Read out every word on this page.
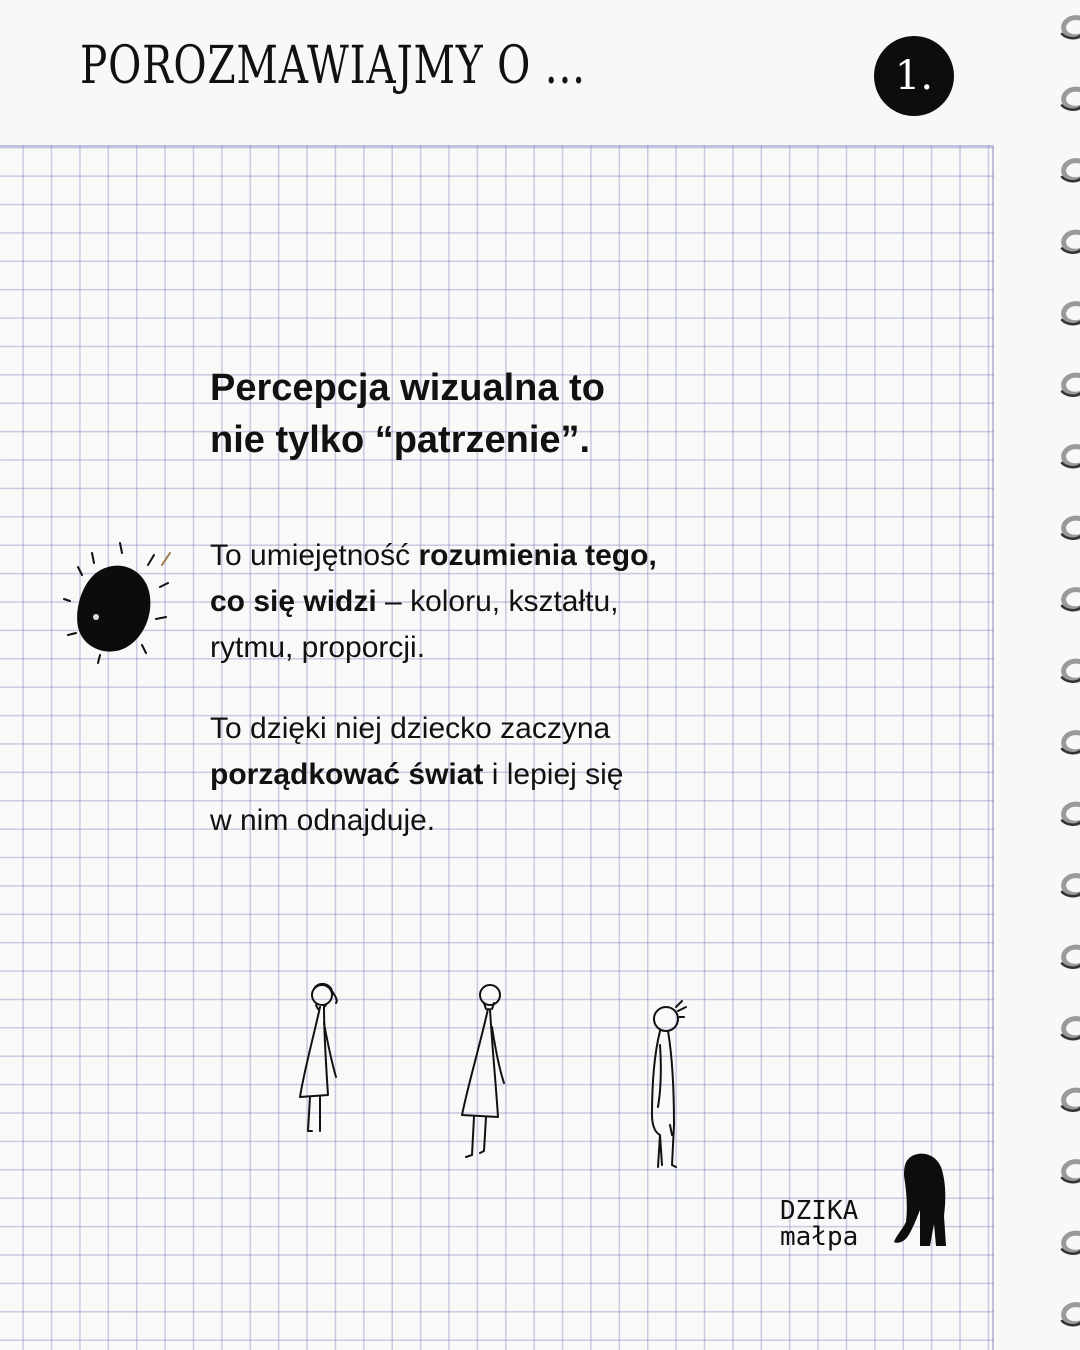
POROZMAWIAJMY O ...	1.
Percepcja wizualna to
nie tylko “patrzenie”.
To umiejętność rozumienia tego,
co się widzi – koloru, kształtu,
rytmu, proporcji.
To dzięki niej dziecko zaczyna
porządkować świat i lepiej się
w nim odnajduje.
DZIKA
małpa
